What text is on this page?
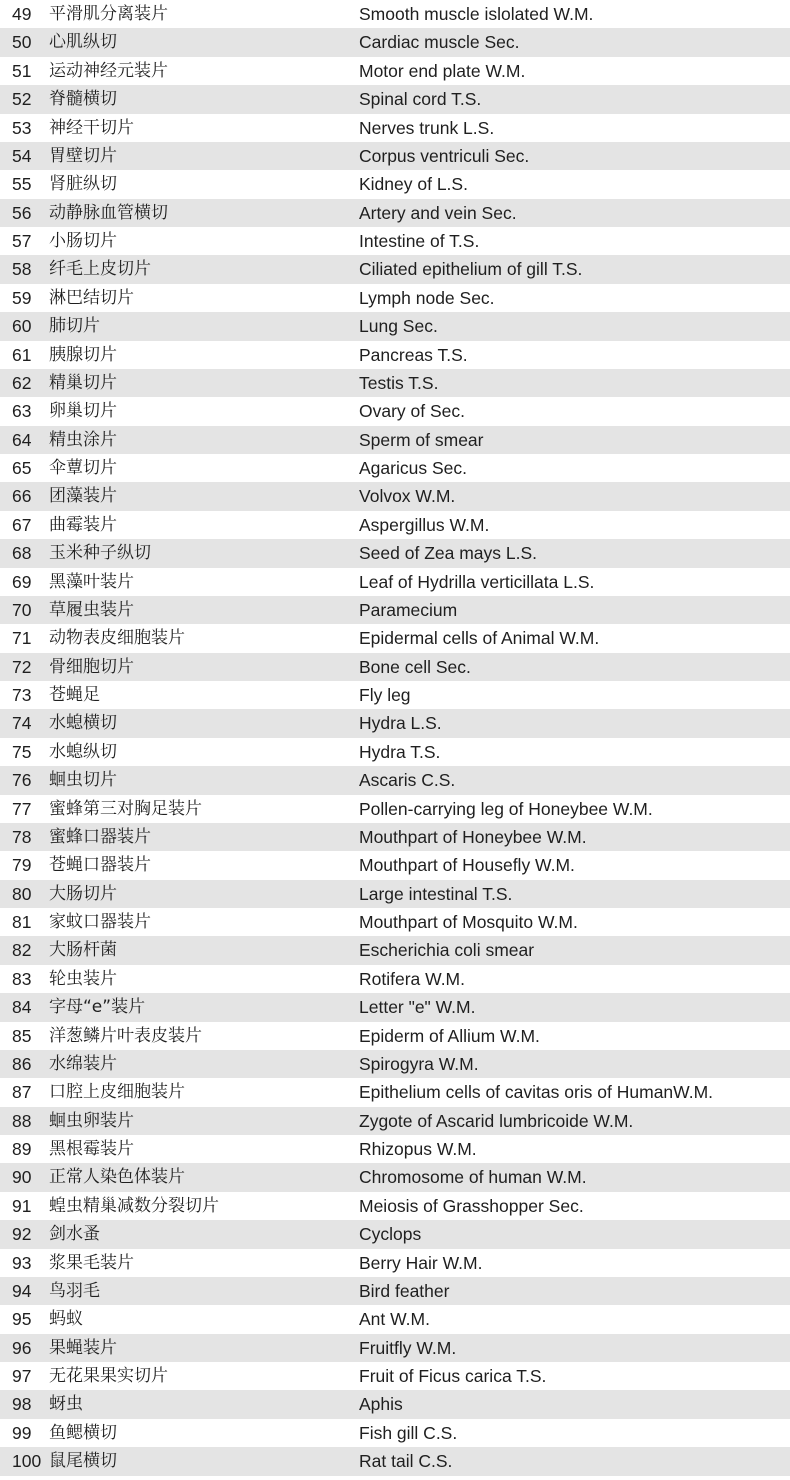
49	平滑肌分离装片	Smooth muscle islolated W.M.
50	心肌纵切	Cardiac muscle Sec.
51	运动神经元装片	Motor end plate W.M.
52	脊髓横切	Spinal cord T.S.
53	神经干切片	Nerves trunk L.S.
54	胃壁切片	Corpus ventriculi Sec.
55	肾脏纵切	Kidney of L.S.
56	动静脉血管横切	Artery and vein Sec.
57	小肠切片	Intestine of T.S.
58	纤毛上皮切片	Ciliated epithelium of gill T.S.
59	淋巴结切片	Lymph node Sec.
60	肺切片	Lung Sec.
61	胰腺切片	Pancreas T.S.
62	精巢切片	Testis T.S.
63	卵巢切片	Ovary of Sec.
64	精虫涂片	Sperm of smear
65	伞蕈切片	Agaricus Sec.
66	团藻装片	Volvox W.M.
67	曲霉装片	Aspergillus W.M.
68	玉米种子纵切	Seed of Zea mays L.S.
69	黑藻叶装片	Leaf of Hydrilla verticillata L.S.
70	草履虫装片	Paramecium
71	动物表皮细胞装片	Epidermal cells of Animal W.M.
72	骨细胞切片	Bone cell Sec.
73	苍蝇足	Fly leg
74	水螅横切	Hydra L.S.
75	水螅纵切	Hydra T.S.
76	蛔虫切片	Ascaris C.S.
77	蜜蜂第三对胸足装片	Pollen-carrying leg of Honeybee W.M.
78	蜜蜂口器装片	Mouthpart of Honeybee W.M.
79	苍蝇口器装片	Mouthpart of Housefly W.M.
80	大肠切片	Large intestinal T.S.
81	家蚊口器装片	Mouthpart of Mosquito W.M.
82	大肠杆菌	Escherichia coli smear
83	轮虫装片	Rotifera W.M.
84	字母“e”装片	Letter "e" W.M.
85	洋葱鳞片叶表皮装片	Epiderm of Allium W.M.
86	水绵装片	Spirogyra W.M.
87	口腔上皮细胞装片	Epithelium cells of cavitas oris of HumanW.M.
88	蛔虫卵装片	Zygote of Ascarid lumbricoide W.M.
89	黑根霉装片	Rhizopus W.M.
90	正常人染色体装片	Chromosome of human W.M.
91	蝗虫精巢减数分裂切片	Meiosis of Grasshopper Sec.
92	剑水蚤	Cyclops
93	浆果毛装片	Berry Hair W.M.
94	鸟羽毛	Bird feather
95	蚂蚁	Ant W.M.
96	果蝇装片	Fruitfly W.M.
97	无花果果实切片	Fruit of Ficus carica T.S.
98	蚜虫	Aphis
99	鱼鳃横切	Fish gill C.S.
100 鼠尾横切	Rat tail C.S.
